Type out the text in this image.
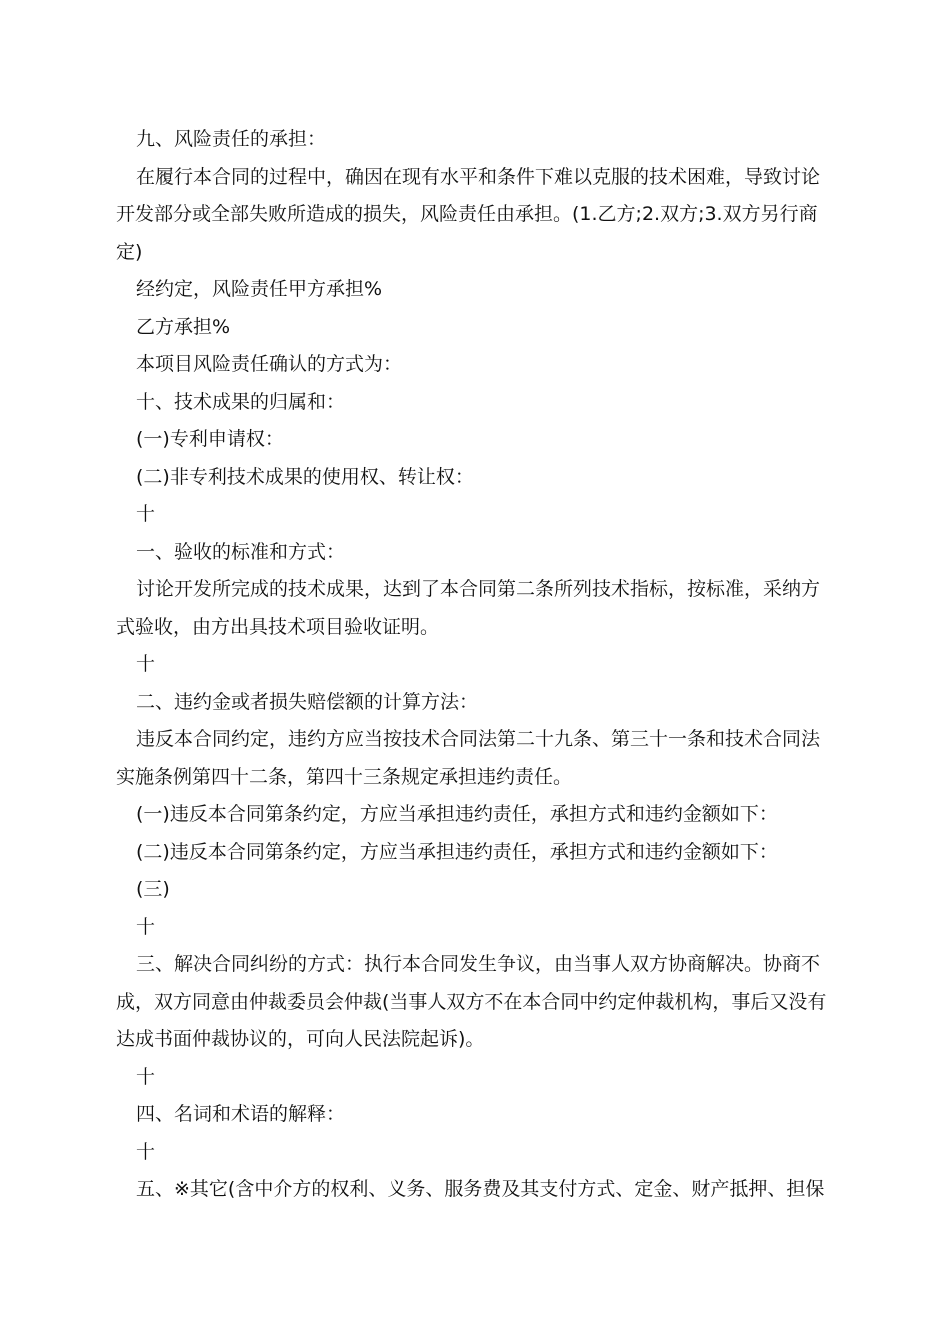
九、风险责任的承担：

在履行本合同的过程中，确因在现有水平和条件下难以克服的技术困难，导致讨论开发部分或全部失败所造成的损失，风险责任由承担。(1.乙方;2.双方;3.双方另行商定)

经约定，风险责任甲方承担%

乙方承担%

本项目风险责任确认的方式为：

十、技术成果的归属和：

(一)专利申请权：

(二)非专利技术成果的使用权、转让权：

十

一、验收的标准和方式：

讨论开发所完成的技术成果，达到了本合同第二条所列技术指标，按标准，采纳方式验收，由方出具技术项目验收证明。

十

二、违约金或者损失赔偿额的计算方法：

违反本合同约定，违约方应当按技术合同法第二十九条、第三十一条和技术合同法实施条例第四十二条，第四十三条规定承担违约责任。

(一)违反本合同第条约定，方应当承担违约责任，承担方式和违约金额如下：

(二)违反本合同第条约定，方应当承担违约责任，承担方式和违约金额如下：

(三)

十

三、解决合同纠纷的方式：执行本合同发生争议，由当事人双方协商解决。协商不成，双方同意由仲裁委员会仲裁(当事人双方不在本合同中约定仲裁机构，事后又没有达成书面仲裁协议的，可向人民法院起诉)。

十

四、名词和术语的解释：

十

五、※其它(含中介方的权利、义务、服务费及其支付方式、定金、财产抵押、担保
